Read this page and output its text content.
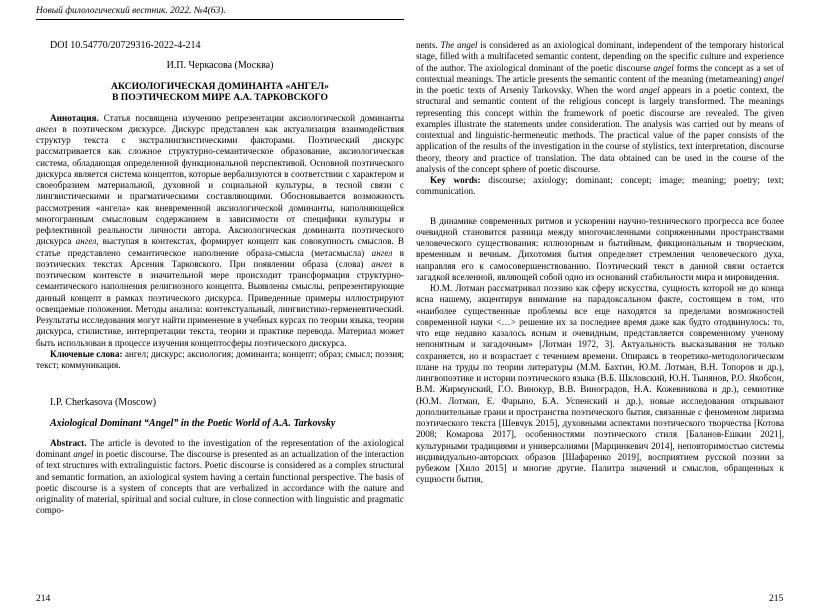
Новый филологический вестник. 2022. №4(63).

DOI 10.54770/20729316-2022-4-214

И.П. Черкасова (Москва)

АКСИОЛОГИЧЕСКАЯ ДОМИНАНТА «АНГЕЛ»
В ПОЭТИЧЕСКОМ МИРЕ А.А. ТАРКОВСКОГО

Аннотация. Статья посвящена изучению репрезентации аксиологической доминанты ангел в поэтическом дискурсе. Дискурс представлен как актуализация взаимодействия структур текста с экстралингвистическими факторами. Поэтический дискурс рассматривается как сложное структурно-семантическое образование, аксиологическая система, обладающая определенной функциональной перспективой. Основной поэтического дискурса является система концептов, которые вербализуются в соответствии с характером и своеобразием материальной, духовной и социальной культуры, в тесной связи с лингвистическими и прагматическими составляющими. Обосновывается возможность рассмотрения «ангела» как вневременной аксиологической доминанты, наполняющейся многогранным смысловым содержанием в зависимости от специфики культуры и рефлективной реальности личности автора. Аксиологическая доминанта поэтического дискурса ангел, выступая в контекстах, формирует концепт как совокупность смыслов. В статье представлено семантическое наполнение образа-смысла (метасмысла) ангел в поэтических текстах Арсения Тарковского. При появлении образа (слова) ангел в поэтическом контексте в значительной мере происходит трансформация структурно-семантического наполнения религиозного концепта. Выявлены смыслы, репрезентирующие данный концепт в рамках поэтического дискурса. Приведенные примеры иллюстрируют освещаемые положения. Методы анализа: контекстуальный, лингвистико-герменевтический. Результаты исследования могут найти применение в учебных курсах по теории языка, теории дискурса, стилистике, интерпретации текста, теории и практике перевода. Материал может быть использован в процессе изучения концептосферы поэтического дискурса.

Ключевые слова: ангел; дискурс; аксиология; доминанта; концепт; образ; смысл; поэзия; текст; коммуникация.

I.P. Cherkasova (Moscow)

Axiological Dominant “Angel” in the Poetic World of A.A. Tarkovsky

Abstract. The article is devoted to the investigation of the representation of the axiological dominant angel in poetic discourse. The discourse is presented as an actualization of the interaction of text structures with extralinguistic factors. Poetic discourse is considered as a complex structural and semantic formation, an axiological system having a certain functional perspective. The basis of poetic discourse is a system of concepts that are verbalized in accordance with the nature and originality of material, spiritual and social culture, in close connection with linguistic and pragmatic compo-

214

nents. The angel is considered as an axiological dominant, independent of the temporary historical stage, filled with a multifaceted semantic content, depending on the specific culture and experience of the author. The axiological dominant of the poetic discourse angel forms the concept as a set of contextual meanings. The article presents the semantic content of the meaning (metameaning) angel in the poetic texts of Arseniy Tarkovsky. When the word angel appears in a poetic context, the structural and semantic content of the religious concept is largely transformed. The meanings representing this concept within the framework of poetic discourse are revealed. The given examples illustrate the statements under consideration. The analysis was carried out by means of contextual and linguistic-hermeneutic methods. The practical value of the paper consists of the application of the results of the investigation in the course of stylistics, text interpretation, discourse theory, theory and practice of translation. The data obtained can be used in the course of the analysis of the concept sphere of poetic discourse.

Key words: discourse; axiology; dominant; concept; image; meaning; poetry; text; communication.

В динамике современных ритмов и ускорении научно-технического прогресса все более очевидной становится разница между многочисленными сопряженными пространствами человеческого существования: иллюзорным и бытийным, фикциональным и творческим, временным и вечным. Дихотомия бытия определяет стремления человеческого духа, направляя его к самосовершенствованию. Поэтический текст в данной связи остается загадкой вселенной, являющей собой одно из оснований стабильности мира и мировидения.

Ю.М. Лотман рассматривал поэзию как сферу искусства, сущность которой не до конца ясна нашему, акцентируя внимание на парадоксальном факте, состоящем в том, что «наиболее существенные проблемы все еще находятся за пределами возможностей современной науки <…> решение их за последнее время даже как будто отодвинулось: то, что еще недавно казалось ясным и очевидным, представляется современному ученому непонятным и загадочным» [Лотман 1972, 3]. Актуальность высказывания не только сохраняется, но и возрастает с течением времени. Опираясь в теоретико-методологическом плане на труды по теории литературы (М.М. Бахтин, Ю.М. Лотман, В.Н. Топоров и др.), лингвопоэтике и истории поэтического языка (В.Б. Шкловский, Ю.Н. Тынянов, Р.О. Якобсон, В.М. Жирмунский, Г.О. Винокур, В.В. Виноградов, Н.А. Кожевникова и др.), семиотике (Ю.М. Лотман, Е. Фарыно, Б.А. Успенский и др.), новые исследования открывают дополнительные грани и пространства поэтического бытия, связанные с феноменом лиризма поэтического текста [Шевчук 2015], духовными аспектами поэтического творчества [Котова 2008; Комарова 2017], особенностями поэтического стиля [Баланов-Ешкин 2021], культурными традициями и универсалиями [Марцинкевич 2014], неповторимостью системы индивидуально-авторских образов [Шафаренко 2019], восприятием русской поэзии за рубежом [Хило 2015] и многие другие. Палитра значений и смыслов, обращенных к сущности бытия,

215
